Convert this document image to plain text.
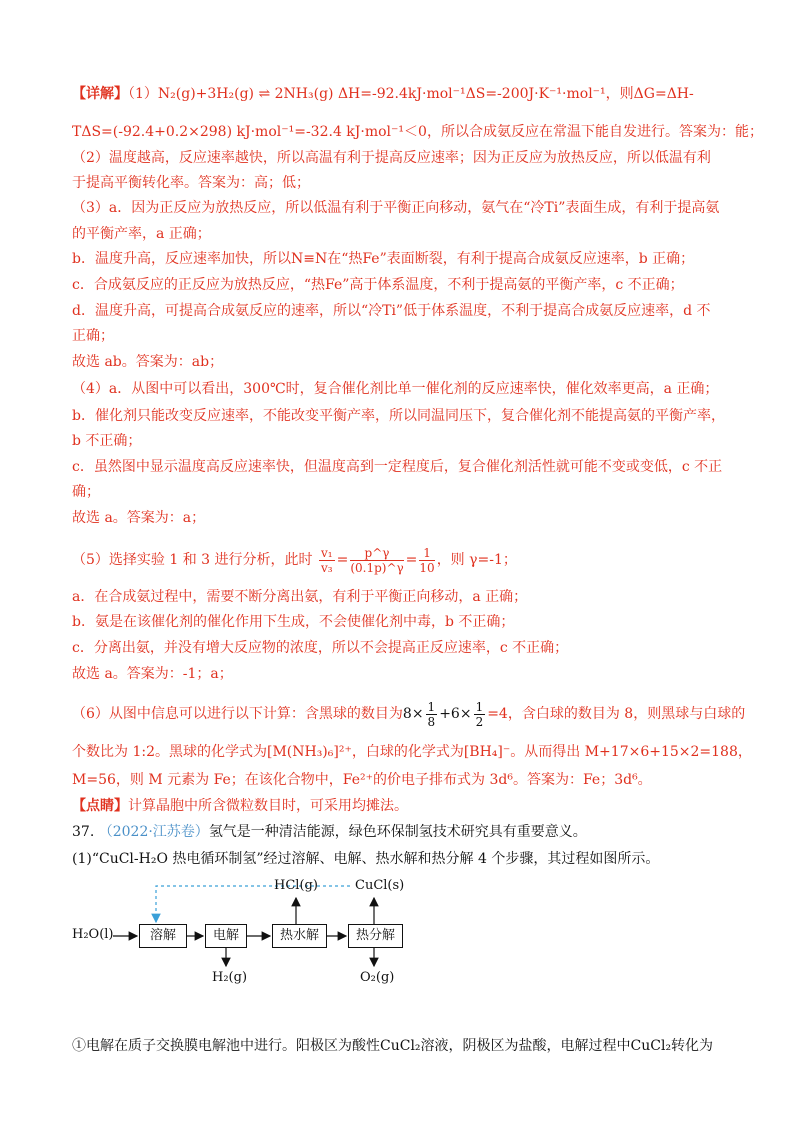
【详解】（1）N₂(g)+3H₂(g) ⇌ 2NH₃(g) ΔH=-92.4kJ·mol⁻¹ΔS=-200J·K⁻¹·mol⁻¹，则ΔG=ΔH-
TΔS=(-92.4+0.2×298) kJ·mol⁻¹=-32.4 kJ·mol⁻¹＜0，所以合成氨反应在常温下能自发进行。答案为：能；
（2）温度越高，反应速率越快，所以高温有利于提高反应速率；因为正反应为放热反应，所以低温有利
于提高平衡转化率。答案为：高；低；
（3）a．因为正反应为放热反应，所以低温有利于平衡正向移动，氨气在“冷Ti”表面生成，有利于提高氨
的平衡产率，a 正确；
b．温度升高，反应速率加快，所以N≡N在“热Fe”表面断裂，有利于提高合成氨反应速率，b 正确；
c．合成氨反应的正反应为放热反应，“热Fe”高于体系温度，不利于提高氨的平衡产率，c 不正确；
d．温度升高，可提高合成氨反应的速率，所以“冷Ti”低于体系温度，不利于提高合成氨反应速率，d 不
正确；
故选 ab。答案为：ab；
（4）a．从图中可以看出，300℃时，复合催化剂比单一催化剂的反应速率快，催化效率更高，a 正确；
b．催化剂只能改变反应速率，不能改变平衡产率，所以同温同压下，复合催化剂不能提高氨的平衡产率，
b 不正确；
c．虽然图中显示温度高反应速率快，但温度高到一定程度后，复合催化剂活性就可能不变或变低，c 不正
确；
故选 a。答案为：a；
（5）选择实验 1 和 3 进行分析，此时 $\frac{\text{v₁}}{\text{v₃}} = \frac{p\^{}\gamma}{(0.1p)\^{}\gamma} = \frac{1}{10}$ ，则 γ=-1；
a．在合成氨过程中，需要不断分离出氨，有利于平衡正向移动，a 正确；
b．氨是在该催化剂的催化作用下生成，不会使催化剂中毒，b 不正确；
c．分离出氨，并没有增大反应物的浓度，所以不会提高正反应速率，c 不正确；
故选 a。答案为：-1；a；
（6）从图中信息可以进行以下计算：含黑球的数目为$8\times \frac{1}{8} +6\times \frac{1}{2} =4$，含白球的数目为 8，则黑球与白球的
个数比为 1:2。黑球的化学式为[M(NH₃)₆]²⁺，白球的化学式为[BH₄]⁻。从而得出 M+17×6+15×2=188，
M=56，则 M 元素为 Fe；在该化合物中，Fe²⁺的价电子排布式为 3d⁶。答案为：Fe；3d⁶。
【点睛】计算晶胞中所含微粒数目时，可采用均摊法。
37. （2022·江苏卷）氢气是一种清洁能源，绿色环保制氢技术研究具有重要意义。
(1)“CuCl-H₂O 热电循环制氢”经过溶解、电解、热水解和热分解 4 个步骤，其过程如图所示。
H₂O(l)	溶解	电解	热水解	热分解
H₂(g)
HCl(g)	CuCl(s)
O₂(g)
①电解在质子交换膜电解池中进行。阳极区为酸性CuCl₂溶液，阴极区为盐酸，电解过程中CuCl₂转化为
